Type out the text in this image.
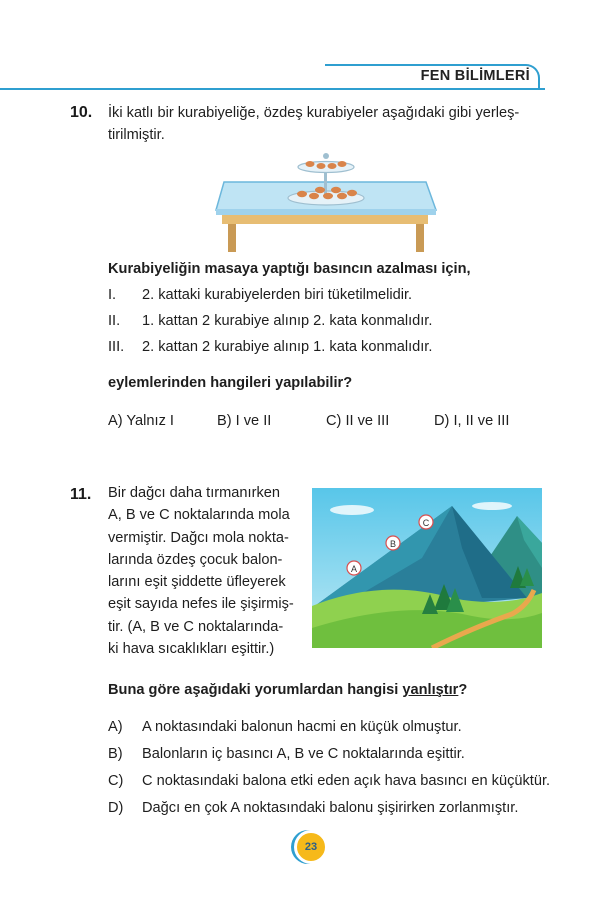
FEN BİLİMLERİ
10. İki katlı bir kurabiyeliğe, özdeş kurabiyeler aşağıdaki gibi yerleş-
tirilmiştir.
Kurabiyeliğin masaya yaptığı basıncın azalması için,
I. 2. kattaki kurabiyelerden biri tüketilmelidir.
II. 1. kattan 2 kurabiye alınıp 2. kata konmalıdır.
III. 2. kattan 2 kurabiye alınıp 1. kata konmalıdır.
eylemlerinden hangileri yapılabilir?
A) Yalnız I	B) I ve II	C) II ve III	D) I, II ve III
11. Bir dağcı daha tırmanırken
A, B ve C noktalarında mola
vermiştir. Dağcı mola nokta-
larında özdeş çocuk balon-
larını eşit şiddette üfleyerek
eşit sayıda nefes ile şişirmiş-
tir. (A, B ve C noktalarında-
ki hava sıcaklıkları eşittir.)
A
B
C
Buna göre aşağıdaki yorumlardan hangisi yanlıştır?
A) A noktasındaki balonun hacmi en küçük olmuştur.
B) Balonların iç basıncı A, B ve C noktalarında eşittir.
C) C noktasındaki balona etki eden açık hava basıncı en küçüktür.
D) Dağcı en çok A noktasındaki balonu şişirirken zorlanmıştır.
23
